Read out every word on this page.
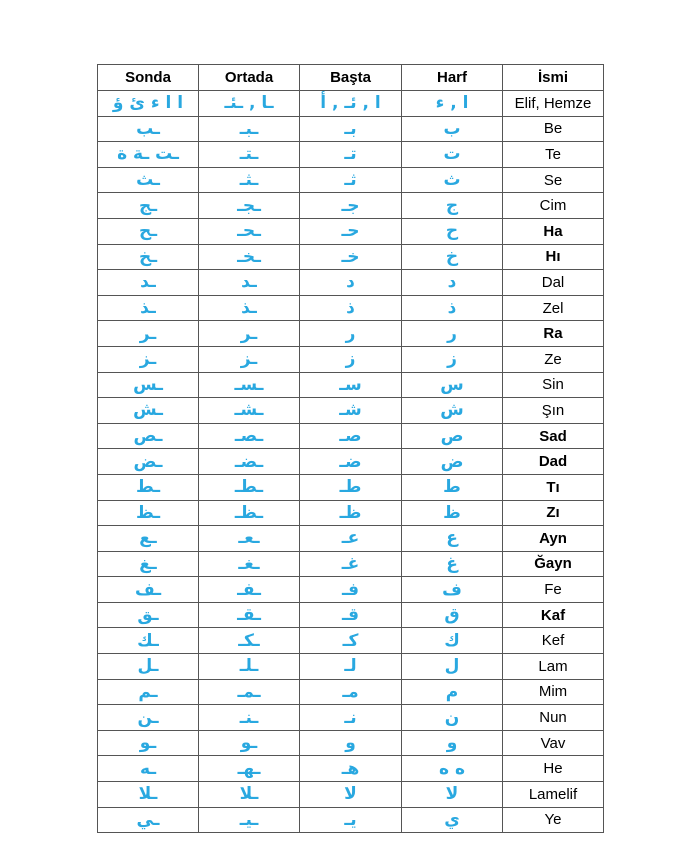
Sonda	Ortada	Başta	Harf	İsmi
ا ا ء ئ ؤ	ـا , ـئـ	ا , ئـ , أ	ا , ء	Elif, Hemze
ـب	ـبـ	بـ	ب	Be
ـت ـة ة	ـتـ	تـ	ت	Te
ـث	ـثـ	ثـ	ث	Se
ـج	ـجـ	جـ	ج	Cim
ـح	ـحـ	حـ	ح	Ha
ـخ	ـخـ	خـ	خ	Hı
ـد	ـد	د	د	Dal
ـذ	ـذ	ذ	ذ	Zel
ـر	ـر	ر	ر	Ra
ـز	ـز	ز	ز	Ze
ـس	ـسـ	سـ	س	Sin
ـش	ـشـ	شـ	ش	Şın
ـص	ـصـ	صـ	ص	Sad
ـض	ـضـ	ضـ	ض	Dad
ـط	ـطـ	طـ	ط	Tı
ـظ	ـظـ	ظـ	ظ	Zı
ـع	ـعـ	عـ	ع	Ayn
ـغ	ـغـ	غـ	غ	Ğayn
ـف	ـفـ	فـ	ف	Fe
ـق	ـقـ	قـ	ق	Kaf
ـك	ـكـ	كـ	ك	Kef
ـل	ـلـ	لـ	ل	Lam
ـم	ـمـ	مـ	م	Mim
ـن	ـنـ	نـ	ن	Nun
ـو	ـو	و	و	Vav
ـه	ـهـ	هـ	ه ه	He
ـلا	ـلا	لا	لا	Lamelif
ـي	ـيـ	يـ	ي	Ye
